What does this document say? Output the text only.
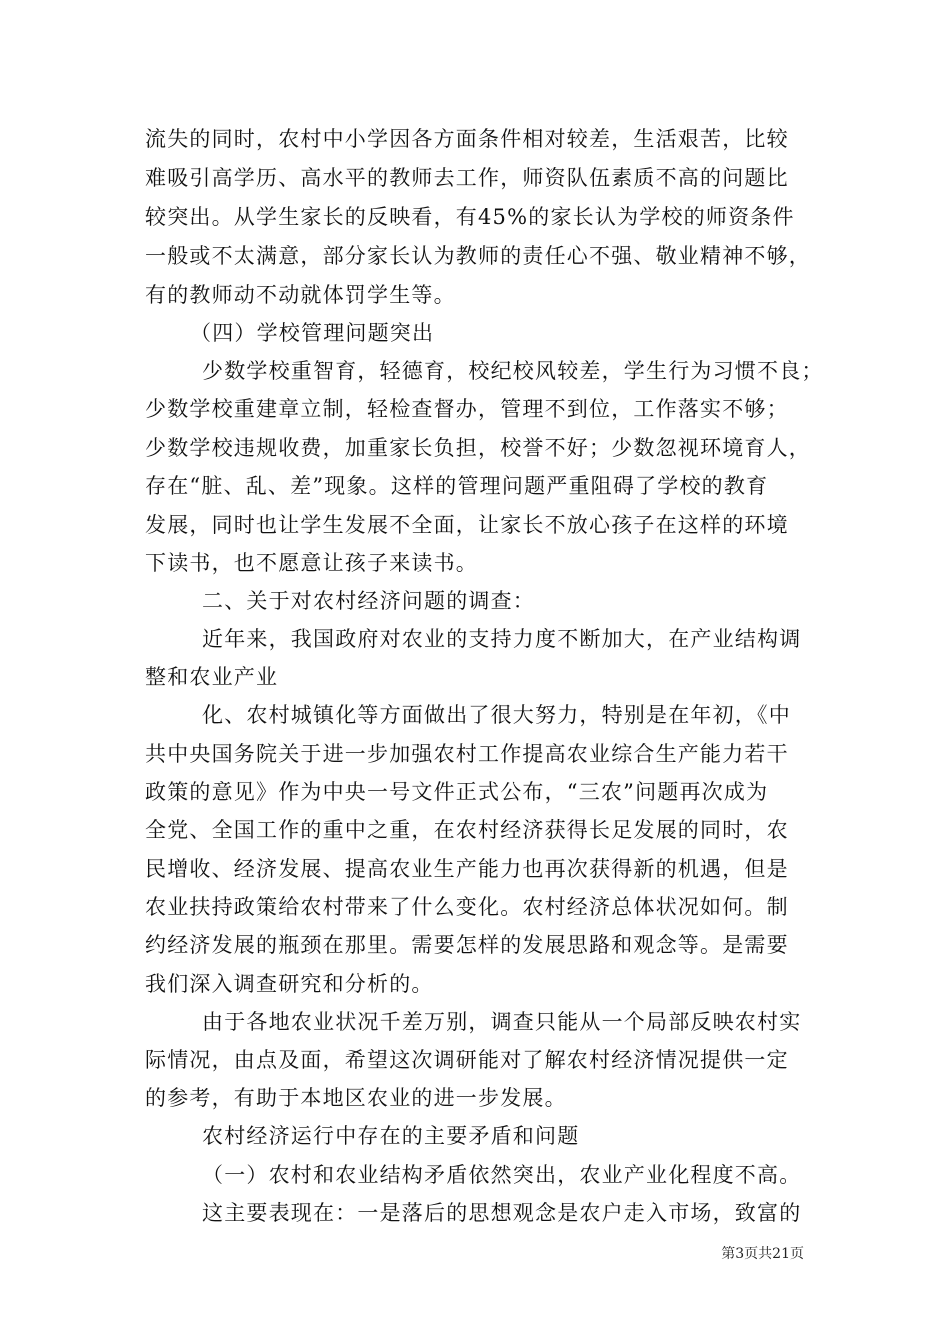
流失的同时，农村中小学因各方面条件相对较差，生活艰苦，比较
难吸引高学历、高水平的教师去工作，师资队伍素质不高的问题比
较突出。从学生家长的反映看，有45%的家长认为学校的师资条件
一般或不太满意，部分家长认为教师的责任心不强、敬业精神不够，
有的教师动不动就体罚学生等。
（四）学校管理问题突出
少数学校重智育，轻德育，校纪校风较差，学生行为习惯不良；
少数学校重建章立制，轻检查督办，管理不到位，工作落实不够；
少数学校违规收费，加重家长负担，校誉不好；少数忽视环境育人，
存在“脏、乱、差”现象。这样的管理问题严重阻碍了学校的教育
发展，同时也让学生发展不全面，让家长不放心孩子在这样的环境
下读书，也不愿意让孩子来读书。
二、关于对农村经济问题的调查：
近年来，我国政府对农业的支持力度不断加大，在产业结构调
整和农业产业
化、农村城镇化等方面做出了很大努力，特别是在年初，《中
共中央国务院关于进一步加强农村工作提高农业综合生产能力若干
政策的意见》作为中央一号文件正式公布，“三农”问题再次成为
全党、全国工作的重中之重，在农村经济获得长足发展的同时，农
民增收、经济发展、提高农业生产能力也再次获得新的机遇，但是
农业扶持政策给农村带来了什么变化。农村经济总体状况如何。制
约经济发展的瓶颈在那里。需要怎样的发展思路和观念等。是需要
我们深入调查研究和分析的。
由于各地农业状况千差万别，调查只能从一个局部反映农村实
际情况，由点及面，希望这次调研能对了解农村经济情况提供一定
的参考，有助于本地区农业的进一步发展。
农村经济运行中存在的主要矛盾和问题
（一）农村和农业结构矛盾依然突出，农业产业化程度不高。
这主要表现在：一是落后的思想观念是农户走入市场，致富的
第3页共21页
